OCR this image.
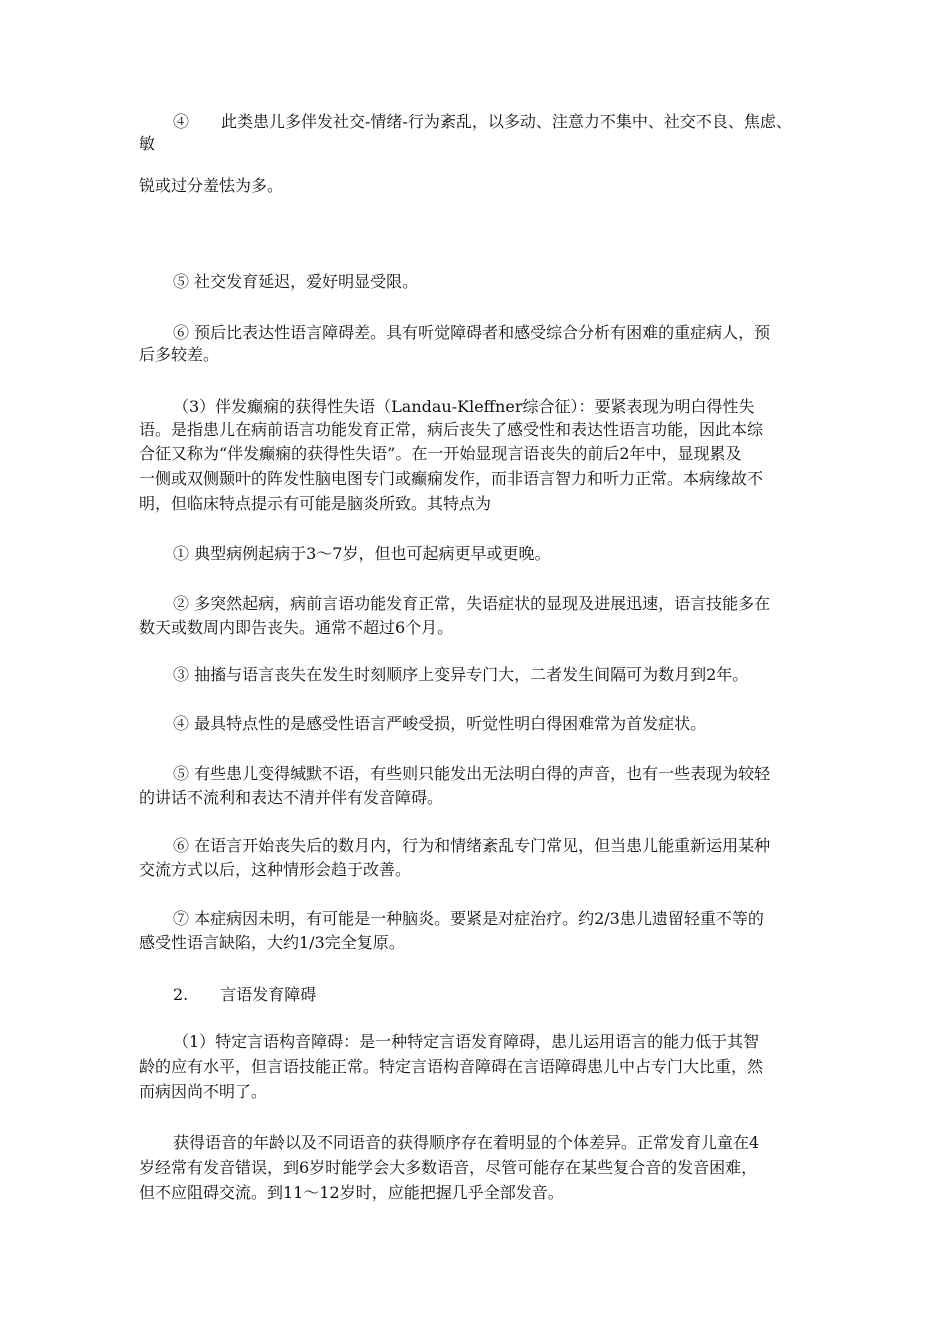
④　　此类患儿多伴发社交-情绪-行为紊乱，以多动、注意力不集中、社交不良、焦虑、
敏
锐或过分羞怯为多。
⑤ 社交发育延迟，爱好明显受限。
⑥ 预后比表达性语言障碍差。具有听觉障碍者和感受综合分析有困难的重症病人，预
后多较差。
（3）伴发癫痫的获得性失语（Landau-Kleffner综合征）：要紧表现为明白得性失
语。是指患儿在病前语言功能发育正常，病后丧失了感受性和表达性语言功能，因此本综
合征又称为“伴发癫痫的获得性失语”。在一开始显现言语丧失的前后2年中，显现累及
一侧或双侧颞叶的阵发性脑电图专门或癫痫发作，而非语言智力和听力正常。本病缘故不
明，但临床特点提示有可能是脑炎所致。其特点为
① 典型病例起病于3～7岁，但也可起病更早或更晚。
② 多突然起病，病前言语功能发育正常，失语症状的显现及进展迅速，语言技能多在
数天或数周内即告丧失。通常不超过6个月。
③ 抽搐与语言丧失在发生时刻顺序上变异专门大，二者发生间隔可为数月到2年。
④ 最具特点性的是感受性语言严峻受损，听觉性明白得困难常为首发症状。
⑤ 有些患儿变得缄默不语，有些则只能发出无法明白得的声音，也有一些表现为较轻
的讲话不流利和表达不清并伴有发音障碍。
⑥ 在语言开始丧失后的数月内，行为和情绪紊乱专门常见，但当患儿能重新运用某种
交流方式以后，这种情形会趋于改善。
⑦ 本症病因未明，有可能是一种脑炎。要紧是对症治疗。约2/3患儿遗留轻重不等的
感受性语言缺陷，大约1/3完全复原。
2.　　言语发育障碍
（1）特定言语构音障碍：是一种特定言语发育障碍，患儿运用语言的能力低于其智
龄的应有水平，但言语技能正常。特定言语构音障碍在言语障碍患儿中占专门大比重，然
而病因尚不明了。
获得语音的年龄以及不同语音的获得顺序存在着明显的个体差异。正常发育儿童在4
岁经常有发音错误，到6岁时能学会大多数语音，尽管可能存在某些复合音的发音困难，
但不应阻碍交流。到11～12岁时，应能把握几乎全部发音。
